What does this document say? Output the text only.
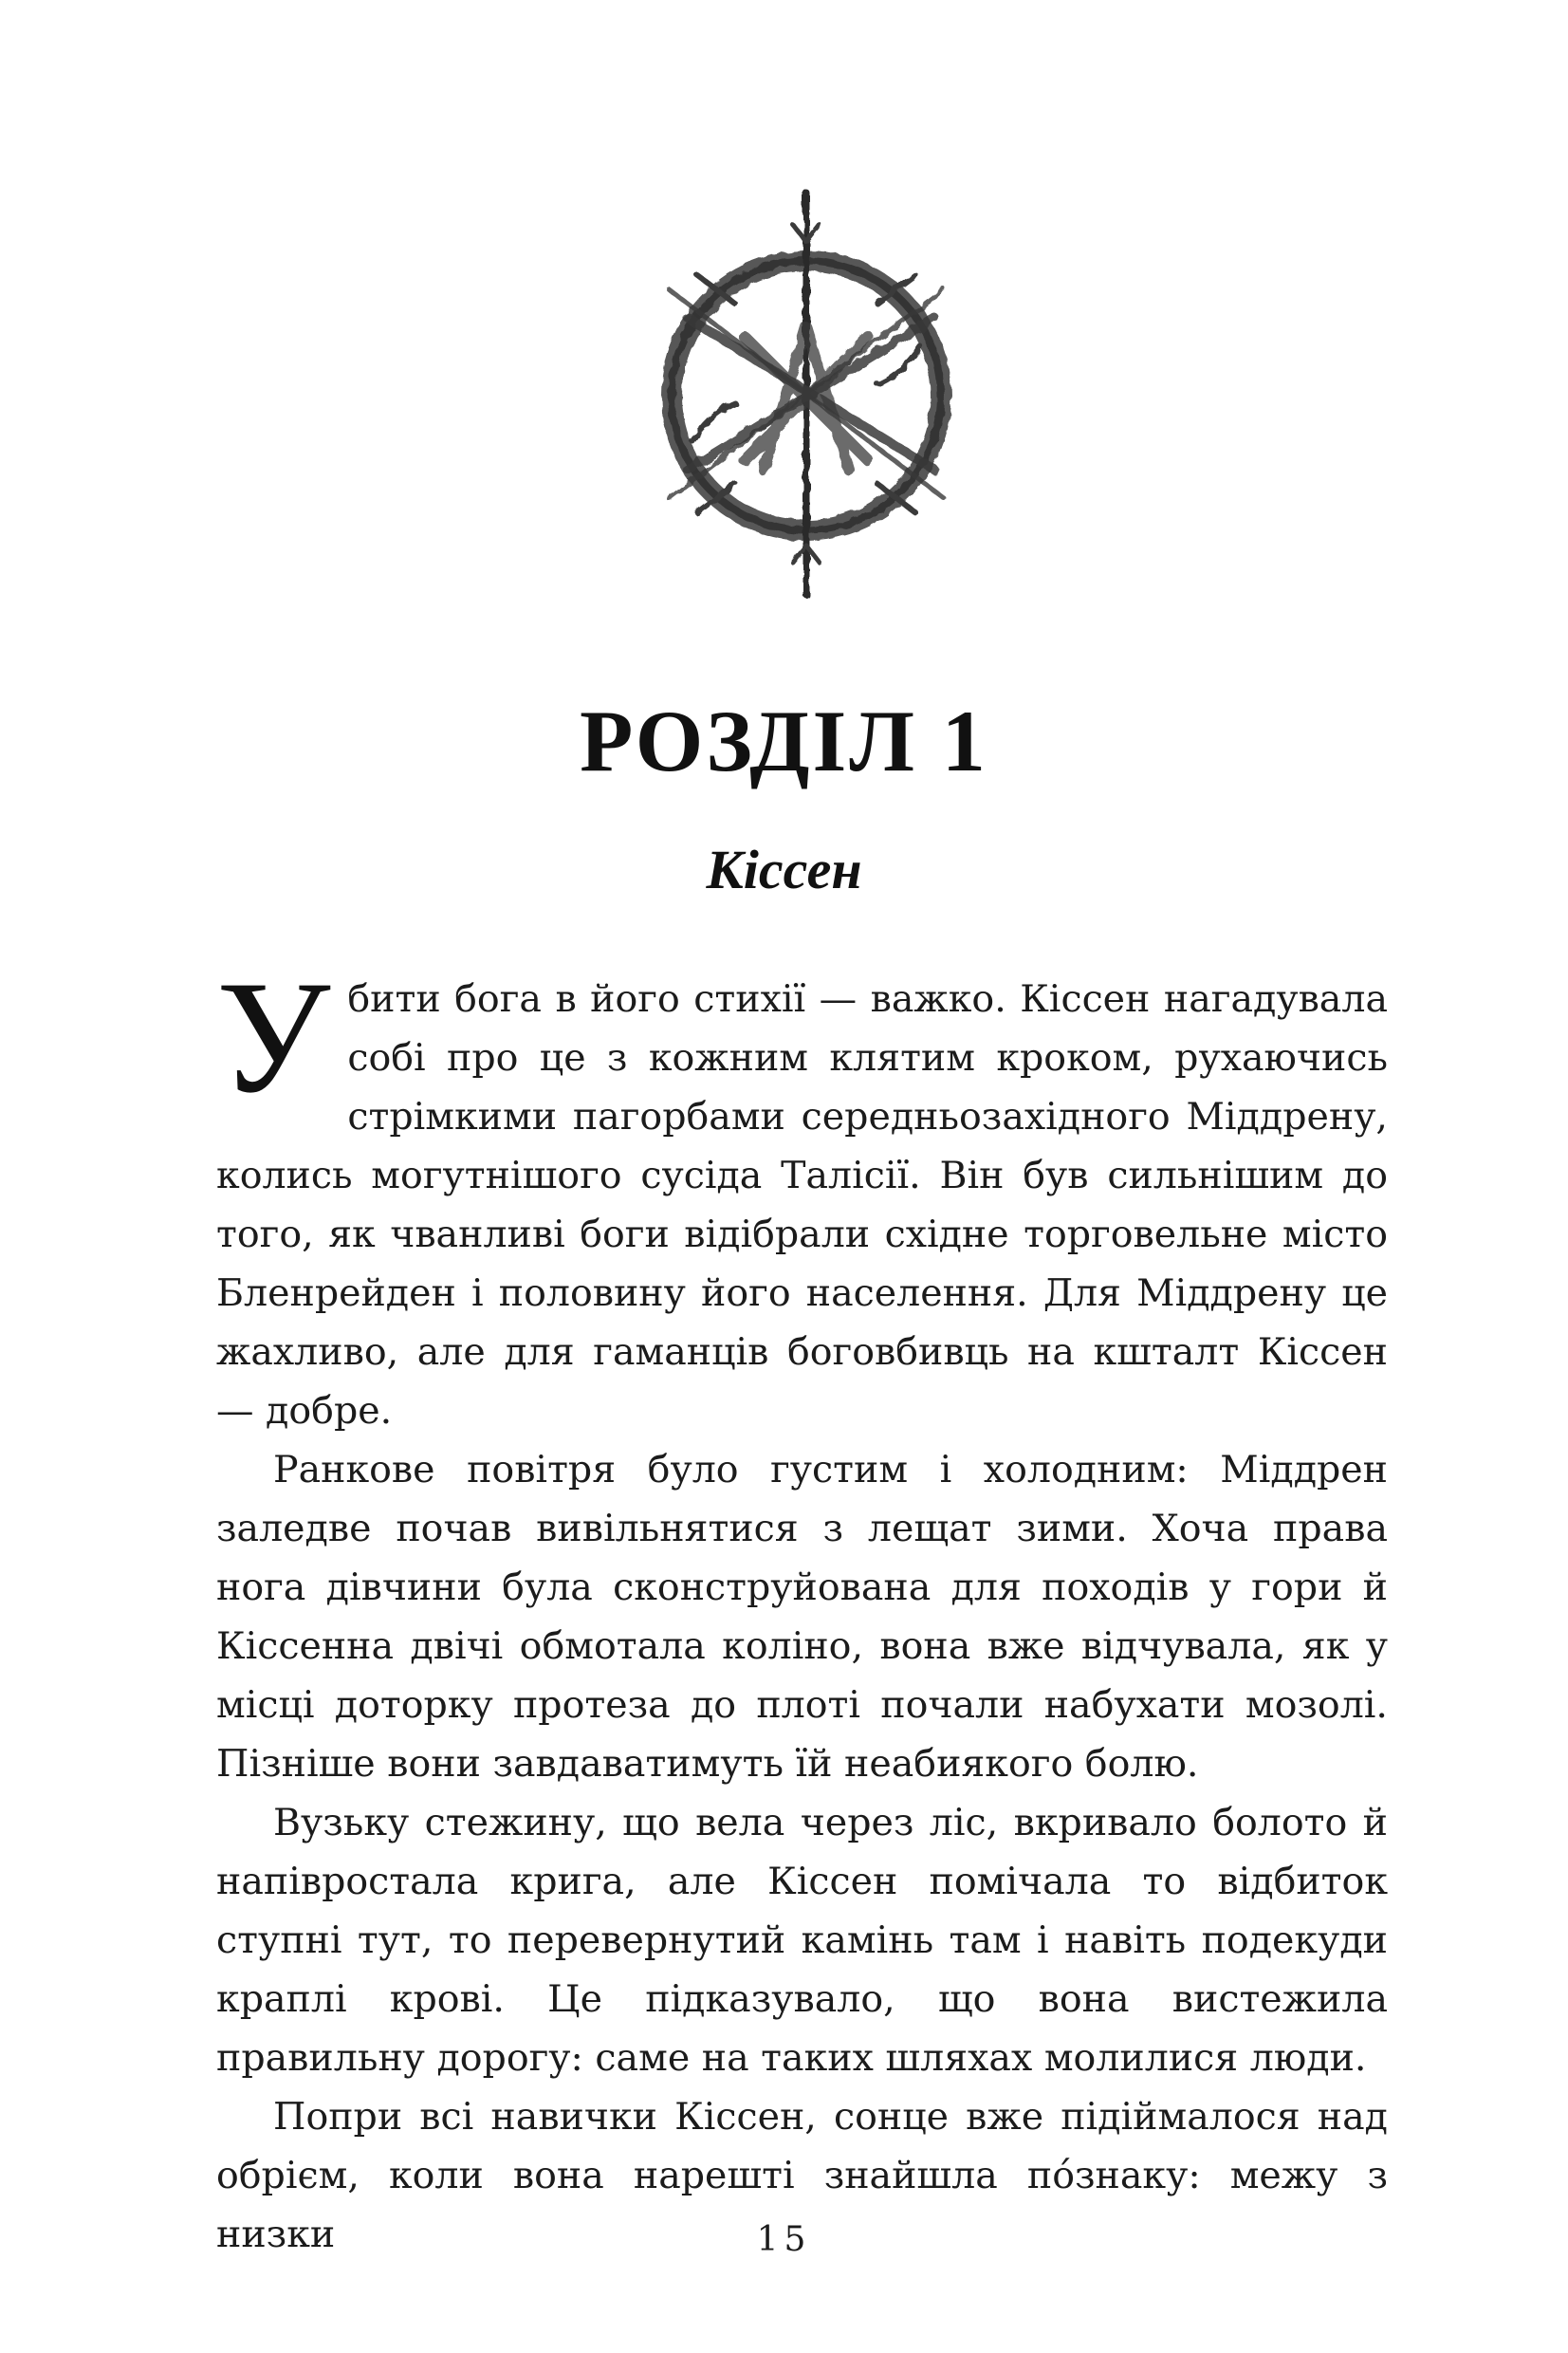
РОЗДІЛ 1
Кіссен

Убити бога в його стихії — важко. Кіссен нагадувала собі про це з кожним клятим кроком, рухаючись стрімкими пагорбами середньозахідного Міддрену, колись могутнішого сусіда Талісії. Він був сильнішим до того, як чванливі боги відібрали східне торговельне місто Бленрейден і половину його населення. Для Міддрену це жахливо, але для гаманців боговбивць на кшталт Кіссен — добре.

Ранкове повітря було густим і холодним: Міддрен заледве почав вивільнятися з лещат зими. Хоча права нога дівчини була сконструйована для походів у гори й Кіссенна двічі обмотала коліно, вона вже відчувала, як у місці доторку протеза до плоті почали набухати мозолі. Пізніше вони завдаватимуть їй неабиякого болю.

Вузьку стежину, що вела через ліс, вкривало болото й напівростала крига, але Кіссен помічала то відбиток ступні тут, то перевернутий камінь там і навіть подекуди краплі крові. Це підказувало, що вона вистежила правильну дорогу: саме на таких шляхах молилися люди.

Попри всі навички Кіссен, сонце вже підіймалося над обрієм, коли вона нарешті знайшла по́знаку: межу з низки	15
